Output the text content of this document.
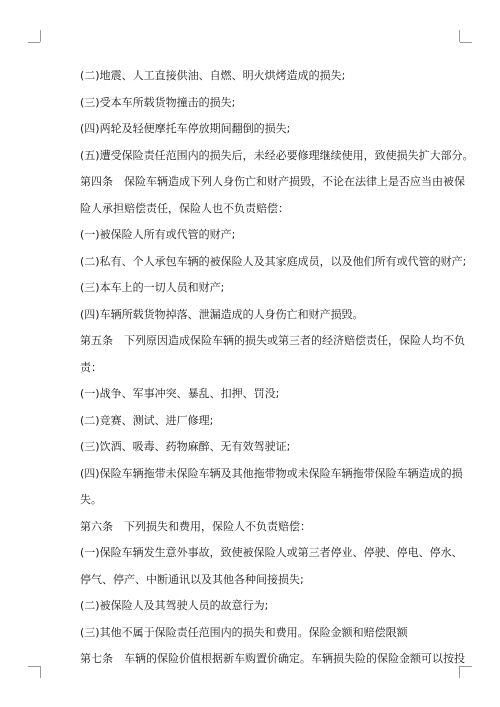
(二)地震、人工直接供油、自燃、明火烘烤造成的损失;

(三)受本车所载货物撞击的损失;

(四)两轮及轻便摩托车停放期间翻倒的损失;

(五)遭受保险责任范围内的损失后，未经必要修理继续使用，致使损失扩大部分。

第四条　保险车辆造成下列人身伤亡和财产损毁，不论在法律上是否应当由被保

险人承担赔偿责任，保险人也不负责赔偿：

(一)被保险人所有或代管的财产;

(二)私有、个人承包车辆的被保险人及其家庭成员，以及他们所有或代管的财产;

(三)本车上的一切人员和财产;

(四)车辆所载货物掉落、泄漏造成的人身伤亡和财产损毁。

第五条　下列原因造成保险车辆的损失或第三者的经济赔偿责任，保险人均不负

责：

(一)战争、军事冲突、暴乱、扣押、罚没;

(二)竞赛、测试、进厂修理;

(三)饮酒、吸毒、药物麻醉、无有效驾驶证;

(四)保险车辆拖带未保险车辆及其他拖带物或未保险车辆拖带保险车辆造成的损

失。

第六条　下列损失和费用，保险人不负责赔偿：

(一)保险车辆发生意外事故，致使被保险人或第三者停业、停驶、停电、停水、

停气、停产、中断通讯以及其他各种间接损失;

(二)被保险人及其驾驶人员的故意行为;

(三)其他不属于保险责任范围内的损失和费用。保险金额和赔偿限额

第七条　车辆的保险价值根据新车购置价确定。车辆损失险的保险金额可以按投
